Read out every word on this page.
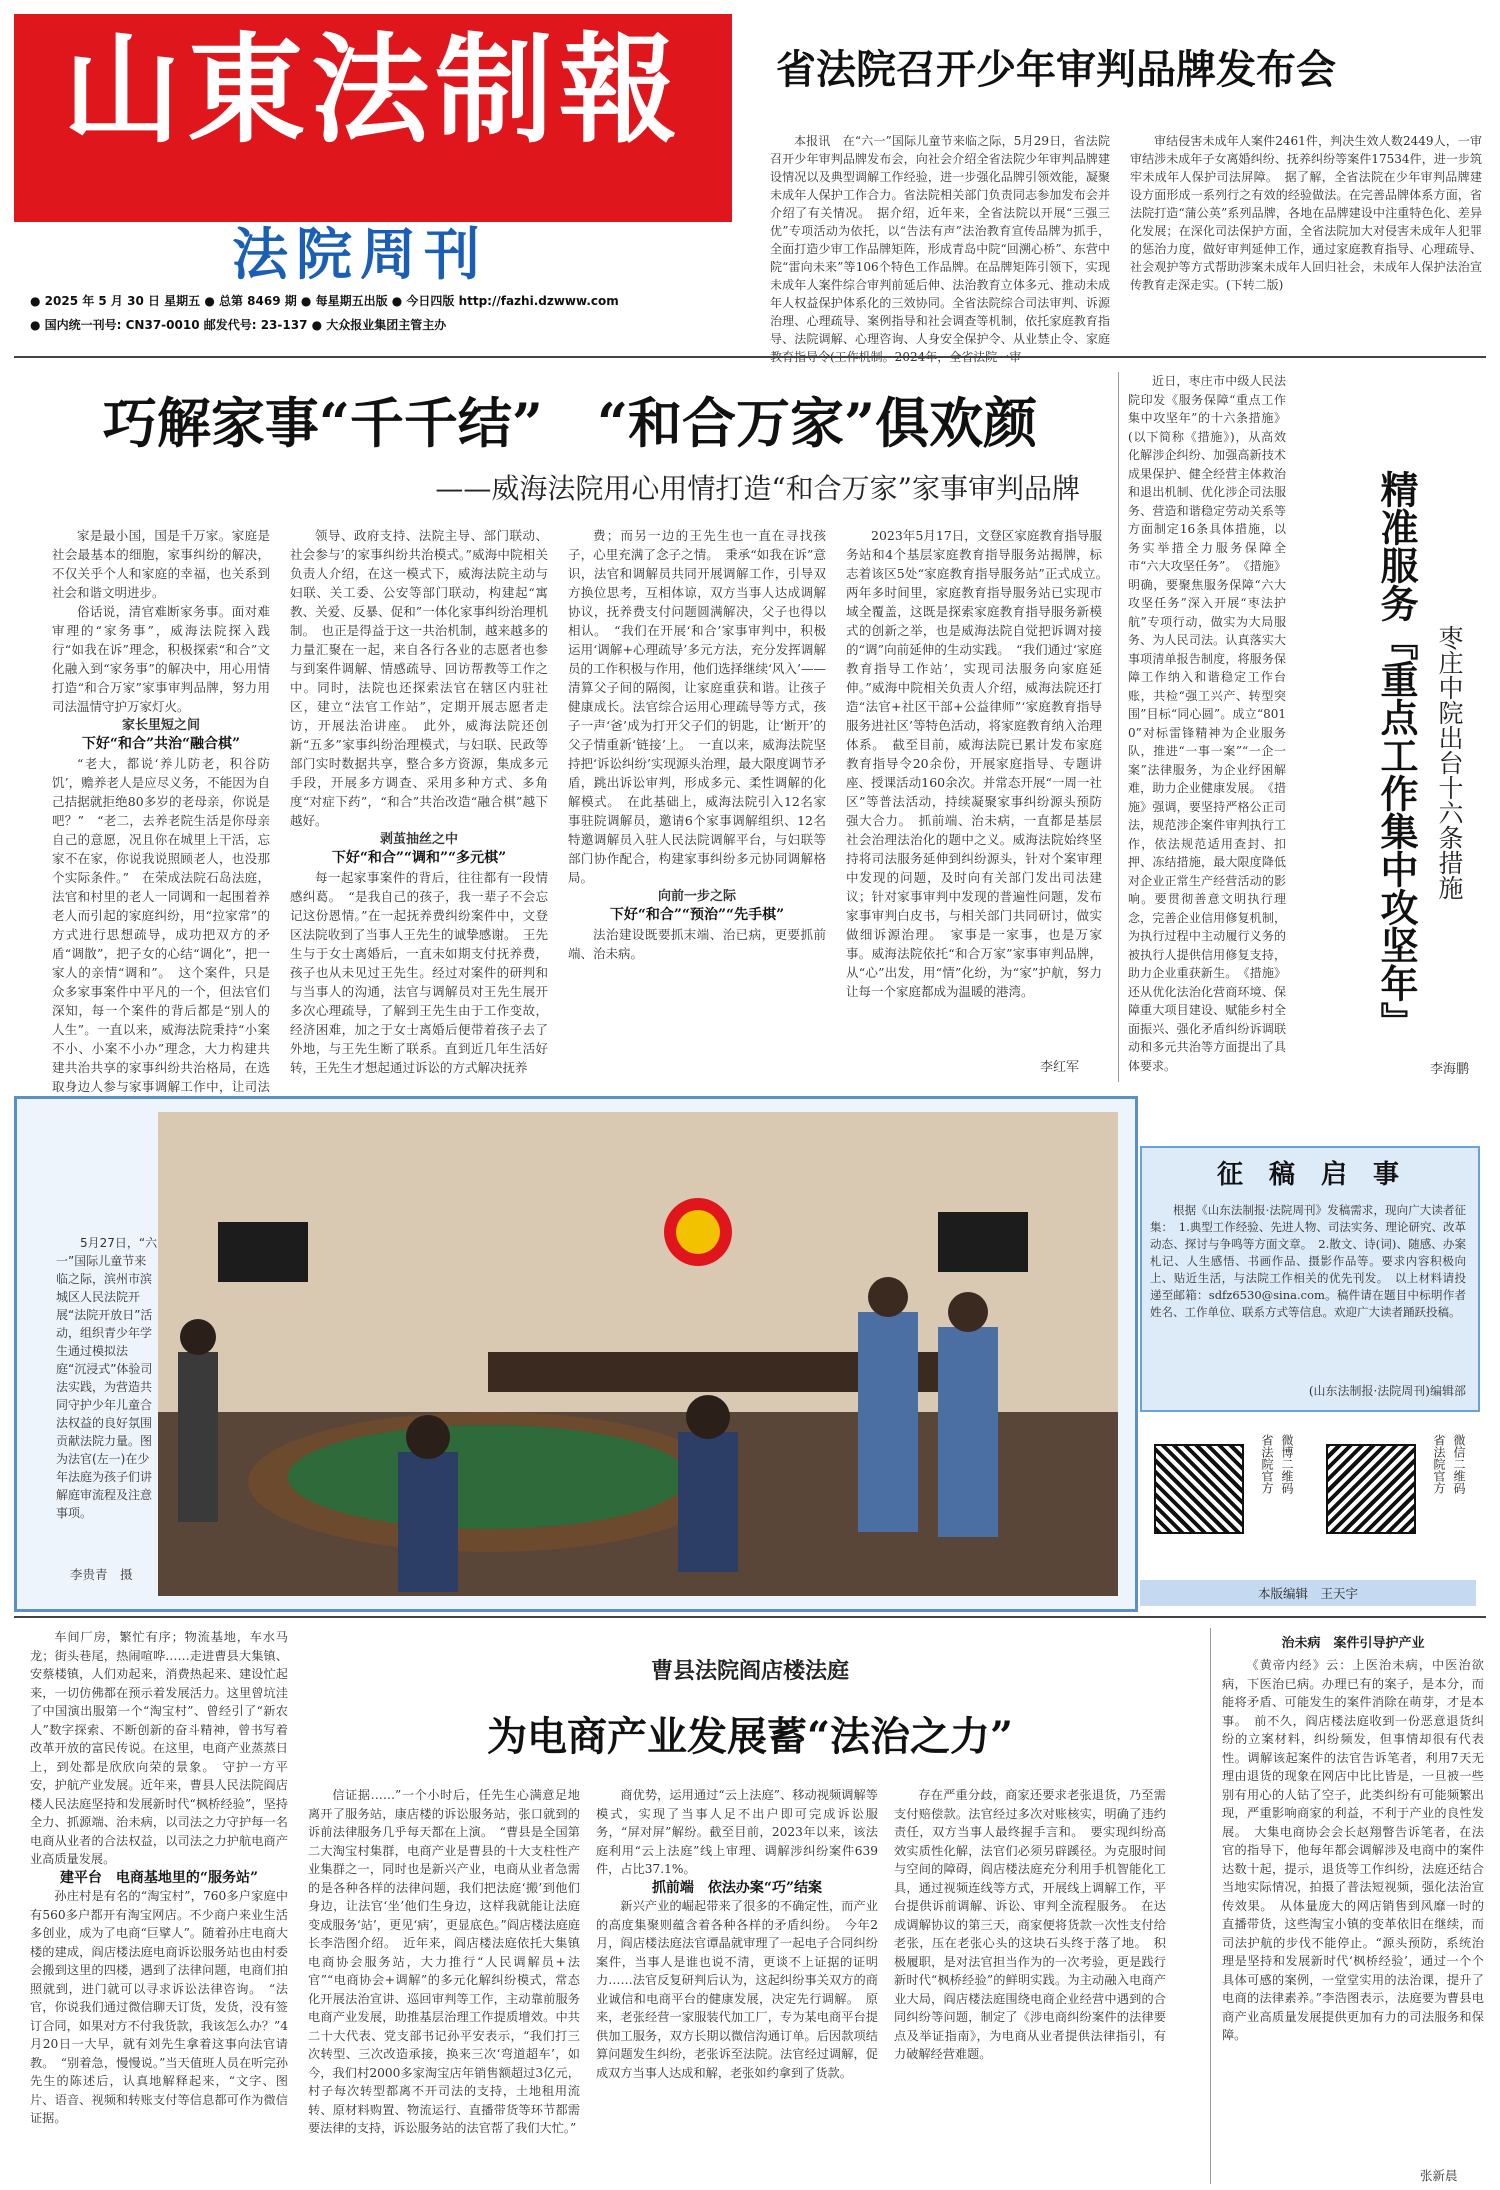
山東法制報
法院周刊
● 2025 年 5 月 30 日 星期五 ● 总第 8469 期 ● 每星期五出版 ● 今日四版 http://fazhi.dzwww.com
● 国内统一刊号: CN37-0010 邮发代号: 23-137 ● 大众报业集团主管主办
省法院召开少年审判品牌发布会

本报讯　在“六一”国际儿童节来临之际，5月29日，省法院召开少年审判品牌发布会，向社会介绍全省法院少年审判品牌建设情况以及典型调解工作经验，进一步强化品牌引领效能，凝聚未成年人保护工作合力。省法院相关部门负责同志参加发布会并介绍了有关情况。　据介绍，近年来，全省法院以开展“三强三优”专项活动为依托，以“告法有声”法治教育宣传品牌为抓手，全面打造少审工作品牌矩阵，形成青岛中院“回溯心桥”、东营中院“雷向未来”等106个特色工作品牌。在品牌矩阵引领下，实现未成年人案件综合审判前延后伸、法治教育立体多元、推动未成年人权益保护体系化的三效协同。全省法院综合司法审判、诉源治理、心理疏导、案例指导和社会调查等机制，依托家庭教育指导、法院调解、心理咨询、人身安全保护令、从业禁止令、家庭

审结侵害未成年人案件2461件，判决生效人数2449人，一审审结涉未成年子女离婚纠纷、抚养纠纷等案件17534件，进一步筑牢未成年人保护司法屏障。　据了解，全省法院在少年审判品牌建设方面形成一系列行之有效的经验做法。在完善品牌体系方面，省法院打造“蒲公英”系列品牌，各地在品牌建设中注重特色化、差异化发展；在深化司法保护方面，全省法院加大对侵害未成年人犯罪的惩治力度，做好审判延伸工作，通过家庭教育指导、心理疏导、社会观护等方式帮助涉案未成年人回归社会，未成年人保护法治宣传教育走深走实。(下转二版)

巧解家事“千千结”　“和合万家”俱欢颜
——威海法院用心用情打造“和合万家”家事审判品牌

家是最小国，国是千万家。家庭是社会最基本的细胞，家事纠纷的解决，不仅关乎个人和家庭的幸福，也关系到社会和谐文明进步。

俗话说，清官难断家务事。面对难审理的“家务事”，威海法院探入践行“如我在诉”理念，积极探索“和合”文化融入到“家务事”的解决中，用心用情打造“和合万家”家事审判品牌，努力用司法温情守护万家灯火。

家长里短之间

下好“和合”共治“融合棋”

“老大，都说‘养儿防老，积谷防饥’，赡养老人是应尽义务，不能因为自己拮据就拒绝80多岁的老母亲，你说是吧？”　“老二，去养老院生活是你母亲自己的意愿，况且你在城里上干活，忘家不在家，你说我说照顾老人，也没那个实际条件。”　在荣成法院石岛法庭，法官和村里的老人一同调和一起围着养老人而引起的家庭纠纷，用“拉家常”的方式进行思想疏导，成功把双方的矛盾“调散”，把子女的心结“调化”，把一家人的亲情“调和”。　这个案件，只是众多家事案件中平凡的一个，但法官们深知，每一个案件的背后都是“别人的人生”。一直以来，威海法院秉持“小案不小、小案不小办”理念，大力构建共建共治共享的家事纠纷共治格局，在选取身边人参与家事调解工作中，让司法　

领导、政府支持、法院主导、部门联动、社会参与’的家事纠纷共治模式。”威海中院相关负责人介绍，在这一模式下，威海法院主动与妇联、关工委、公安等部门联动，构建起“寓教、关爱、反暴、促和”一体化家事纠纷治理机制。　也正是得益于这一共治机制，越来越多的力量汇聚在一起，来自各行各业的志愿者也参与到案件调解、情感疏导、回访帮教等工作之中。同时，法院也还探索法官在辖区内驻社区，建立“法官工作站”，定期开展志愿者走访，开展法治讲座。　此外，威海法院还创新“五多”家事纠纷治理模式，与妇联、民政等部门实时数据共享，整合多方资源，集成多元手段，开展多方调查、采用多种方式、多角度“对症下药”，“和合”共治改造“融合棋”越下越好。

剥茧抽丝之中

下好“和合”“调和”“多元棋”

每一起家事案件的背后，往往都有一段情感纠葛。　“是我自己的孩子，我一辈子不会忘记这份恩情。”在一起抚养费纠纷案件中，文登区法院收到了当事人王先生的诚挚感谢。　王先生与于女士离婚后，一直未如期支付抚养费，孩子也从未见过王先生。经过对案件的研判和与当事人的沟通，法官与调解员对王先生展开多次心理疏导，了解到王先生由于工作变故，经济困难，加之于女士离婚后便带着孩子去了外地，与王先生断了联系。直到近几年生活好转，王先生才想起通过诉讼的方式解决抚养

费；而另一边的王先生也一直在寻找孩子，心里充满了念子之情。　秉承“如我在诉”意识，法官和调解员共同开展调解工作，引导双方换位思考，互相体谅，双方当事人达成调解协议，抚养费支付问题圆满解决，父子也得以相认。　“我们在开展‘和合’家事审判中，积极运用‘调解+心理疏导’多元方法，充分发挥调解员的工作积极与作用，他们选择继续‘风入’——清算父子间的隔阂，让家庭重获和谐。让孩子健康成长。法官综合运用心理疏导等方式，孩子一声‘爸’成为打开父子们的钥匙，让‘断开’的父子情重新‘链接’上。　一直以来，威海法院坚持把‘诉讼纠纷’实现源头治理，最大限度调节矛盾，跳出诉讼审判，形成多元、柔性调解的化解模式。　在此基础上，威海法院引入12名家事驻院调解员，邀请6个家事调解组织、12名特邀调解员入驻人民法院调解平台，与妇联等部门协作配合，构建家事纠纷多元协同调解格局。

向前一步之际

下好“和合”“预治”“先手棋”

法治建设既要抓末端、治已病，更要抓前端、治未病。

2023年5月17日，文登区家庭教育指导服务站和4个基层家庭教育指导服务站揭牌，标志着该区5处“家庭教育指导服务站”正式成立。　两年多时间里，家庭教育指导服务站已实现市域全覆盖，这既是探索家庭教育指导服务新模式的创新之举，也是威海法院自觉把诉调对接的“调”向前延伸的生动实践。　“我们通过‘家庭教育指导工作站’，实现司法服务向家庭延伸。”威海中院相关负责人介绍，威海法院还打造“法官+社区干部+公益律师”‘家庭教育指导服务进社区’等特色活动，将家庭教育纳入治理体系。　截至目前，威海法院已累计发布家庭教育指导令20余份，开展家庭指导、专题讲座、授课活动160余次。并常态开展“一周一社区”等普法活动，持续凝聚家事纠纷源头预防强大合力。　抓前端、治未病，一直都是基层社会治理法治化的题中之义。威海法院始终坚持将司法服务延伸到纠纷源头，针对个案审理中发现的问题，及时向有关部门发出司法建议；针对家事审判中发现的普遍性问题，发布家事审判白皮书，与相关部门共同研讨，做实做细诉源治理。　家事是一家事，也是万家事。威海法院依托“和合万家”家事审判品牌，从“心”出发，用“情”化纷，为“家”护航，努力让每一个家庭都成为温暖的港湾。

李红军

近日，枣庄市中级人民法院印发《服务保障“重点工作集中攻坚年”的十六条措施》(以下简称《措施》)，从高效化解涉企纠纷、加强高新技术成果保护、健全经营主体救治和退出机制、优化涉企司法服务、营造和谐稳定劳动关系等方面制定16条具体措施，以务实举措全力服务保障全市“六大攻坚任务”。　《措施》明确，要聚焦服务保障“六大攻坚任务”深入开展“枣法护航”专项行动，做实为大局服务、为人民司法。认真落实大事项清单报告制度，将服务保障工作纳入和谐稳定工作台账，共检“强工兴产、转型突围”目标“同心圆”。成立“8010”对标雷锋精神为企业服务队，推进“一事一案”“一企一案”法律服务，为企业纾困解难，助力企业健康发展。　《措施》强调，要坚持严格公正司法，规范涉企案件审判执行工作，依法规范适用查封、扣押、冻结措施，最大限度降低对企业正常生产经营活动的影响。要贯彻善意文明执行理念，完善企业信用修复机制，为执行过程中主动履行义务的被执行人提供信用修复支持，助力企业重获新生。　《措施》还从优化法治化营商环境、保障重大项目建设、赋能乡村全面振兴、强化矛盾纠纷诉调联动和多元共治等方面提出了具体要求。

精准服务『重点工作集中攻坚年』 枣庄中院出台十六条措施
李海鹏

5月27日，“六一”国际儿童节来临之际，滨州市滨城区人民法院开展“法院开放日”活动，组织青少年学生通过模拟法庭“沉浸式”体验司法实践，为营造共同守护少年儿童合法权益的良好氛围贡献法院力量。图为法官(左一)在少年法庭为孩子们讲解庭审流程及注意事项。

李贵青　摄
征　稿　启　事

根据《山东法制报·法院周刊》发稿需求，现向广大读者征集：　1.典型工作经验、先进人物、司法实务、理论研究、改革动态、探讨与争鸣等方面文章。　2.散文、诗(词)、随感、办案札记、人生感悟、书画作品、摄影作品等。要求内容积极向上、贴近生活，与法院工作相关的优先刊发。　以上材料请投递至邮箱：sdfz6530@sina.com。稿件请在题目中标明作者姓名、工作单位、联系方式等信息。欢迎广大读者踊跃投稿。

(山东法制报·法院周刊)编辑部
省法院官方 微博二维码	省法院官方 微信二维码
本版编辑　王天宇
曹县法院阎店楼法庭
为电商产业发展蓄“法治之力”

车间厂房，繁忙有序；物流基地，车水马龙；街头巷尾，热闹喧哗……走进曹县大集镇、安蔡楼镇，人们劝起来，消费热起来、建设忙起来，一切仿佛都在预示着发展活力。这里曾坑洼了中国演出服第一个“淘宝村”、曾经引了“新农人”数字探索、不断创新的奋斗精神，曾书写着改革开放的富民传说。在这里，电商产业蒸蒸日上，到处都是欣欣向荣的景象。　守护一方平安，护航产业发展。近年来，曹县人民法院阎店楼人民法庭坚持和发展新时代“枫桥经验”，坚持全力、抓源端、治未病，以司法之力守护每一名电商从业者的合法权益，以司法之力护航电商产业高质量发展。

建平台　电商基地里的“服务站”

孙庄村是有名的“淘宝村”，760多户家庭中有560多户都开有淘宝网店。不少商户来业生活多创业，成为了电商“巨擘人”。随着孙庄电商大楼的建成，阎店楼法庭电商诉讼服务站也由村委会搬到这里的四楼，遇到了法律问题，电商们拍照就到，进门就可以寻求诉讼法律咨询。　“法官，你说我们通过微信聊天订货，发货，没有签订合同，如果对方不付我货款，我该怎么办？”4月20日一大早，就有刘先生拿着这事向法官请教。　“别着急，慢慢说。”当天值班人员在听完孙先生的陈述后，认真地解释起来，“文字、图片、语音、视频和转账支付等信息都可作为微信证据。

信证据……”一个小时后，任先生心满意足地离开了服务站，康店楼的诉讼服务站，张口就到的诉前法律服务几乎每天都在上演。　“曹县是全国第二大淘宝村集群，电商产业是曹县的十大支柱性产业集群之一，同时也是新兴产业，电商从业者急需的是各种各样的法律问题，我们把法庭‘搬’到他们身边，让法官‘坐’他们生身边，这样我就能让法庭变成服务‘站’，更见‘病’，更显底色。”阎店楼法庭庭长李浩图介绍。　近年来，阎店楼法庭依托大集镇电商协会服务站，大力推行“人民调解员+法官”“电商协会+调解”的多元化解纠纷模式，常态化开展法治宣讲、巡回审判等工作，主动靠前服务电商产业发展，助推基层治理工作提质增效。中共二十大代表、党支部书记孙平安表示，“我们打三次转型、三次改造承接，换来三次‘弯道超车’，如今，我们村2000多家淘宝店年销售额超过3亿元，村子每次转型都离不开司法的支持，土地租用流转、原材料购置、物流运行、直播带货等环节都需要法律的支持，诉讼服务站的法官帮了我们大忙。”

商优势，运用通过“云上法庭”、移动视频调解等模式，实现了当事人足不出户即可完成诉讼服务，“屏对屏”解纷。截至目前，2023年以来，该法庭利用“云上法庭”线上审理、调解涉纠纷案件639件，占比37.1%。

抓前端　依法办案“巧”结案

新兴产业的崛起带来了很多的不确定性，而产业的高度集聚则蕴含着各种各样的矛盾纠纷。　今年2月，阎店楼法庭法官谭晶就审理了一起电子合同纠纷案件，当事人是谁也说不清，更谈不上证据的证明力……法官反复研判后认为，这起纠纷事关双方的商业诚信和电商平台的健康发展，决定先行调解。　原来，老张经营一家服装代加工厂，专为某电商平台提供加工服务，双方长期以微信沟通订单。后因款项结算问题发生纠纷，老张诉至法院。法官经过调解，促成双方当事人达成和解，老张如约拿到了货款。

存在严重分歧，商家还要求老张退货，乃至需支付赔偿款。法官经过多次对账核实，明确了违约责任，双方当事人最终握手言和。　要实现纠纷高效实质性化解，法官们必须另辟蹊径。为克服时间与空间的障碍，阎店楼法庭充分利用手机智能化工具，通过视频连线等方式，开展线上调解工作，平台提供诉前调解、诉讼、审判全流程服务。　在达成调解协议的第三天，商家便将货款一次性支付给老张，压在老张心头的这块石头终于落了地。　积极履职，是对法官担当作为的一次考验，更是践行新时代“枫桥经验”的鲜明实践。为主动融入电商产业大局，阎店楼法庭围绕电商企业经营中遇到的合同纠纷等问题，制定了《涉电商纠纷案件的法律要点及举证指南》，为电商从业者提供法律指引，有力破解经营难题。

治未病　案件引导护产业

《黄帝内经》云：上医治未病，中医治欲病，下医治已病。办理已有的案子，是本分，而能将矛盾、可能发生的案件消除在萌芽，才是本事。　前不久，阎店楼法庭收到一份恶意退货纠纷的立案材料，纠纷频发，但事情却很有代表性。调解该起案件的法官告诉笔者，利用7天无理由退货的现象在网店中比比皆是，一旦被一些别有用心的人钻了空子，此类纠纷有可能频繁出现，严重影响商家的利益，不利于产业的良性发展。　大集电商协会会长赵翔瞥告诉笔者，在法官的指导下，他每年都会调解涉及电商中的案件达数十起，提示，退货等工作纠纷，法庭还结合当地实际情况，拍摄了普法短视频，强化法治宣传效果。　从体量庞大的网店销售到风靡一时的直播带货，这些淘宝小镇的变革依旧在继续，而司法护航的步伐不能停止。“源头预防，系统治理是坚持和发展新时代‘枫桥经验’，通过一个个具体可感的案例，一堂堂实用的法治课，提升了电商的法律素养。”李浩图表示，法庭要为曹县电商产业高质量发展提供更加有力的司法服务和保障。

张新晨
